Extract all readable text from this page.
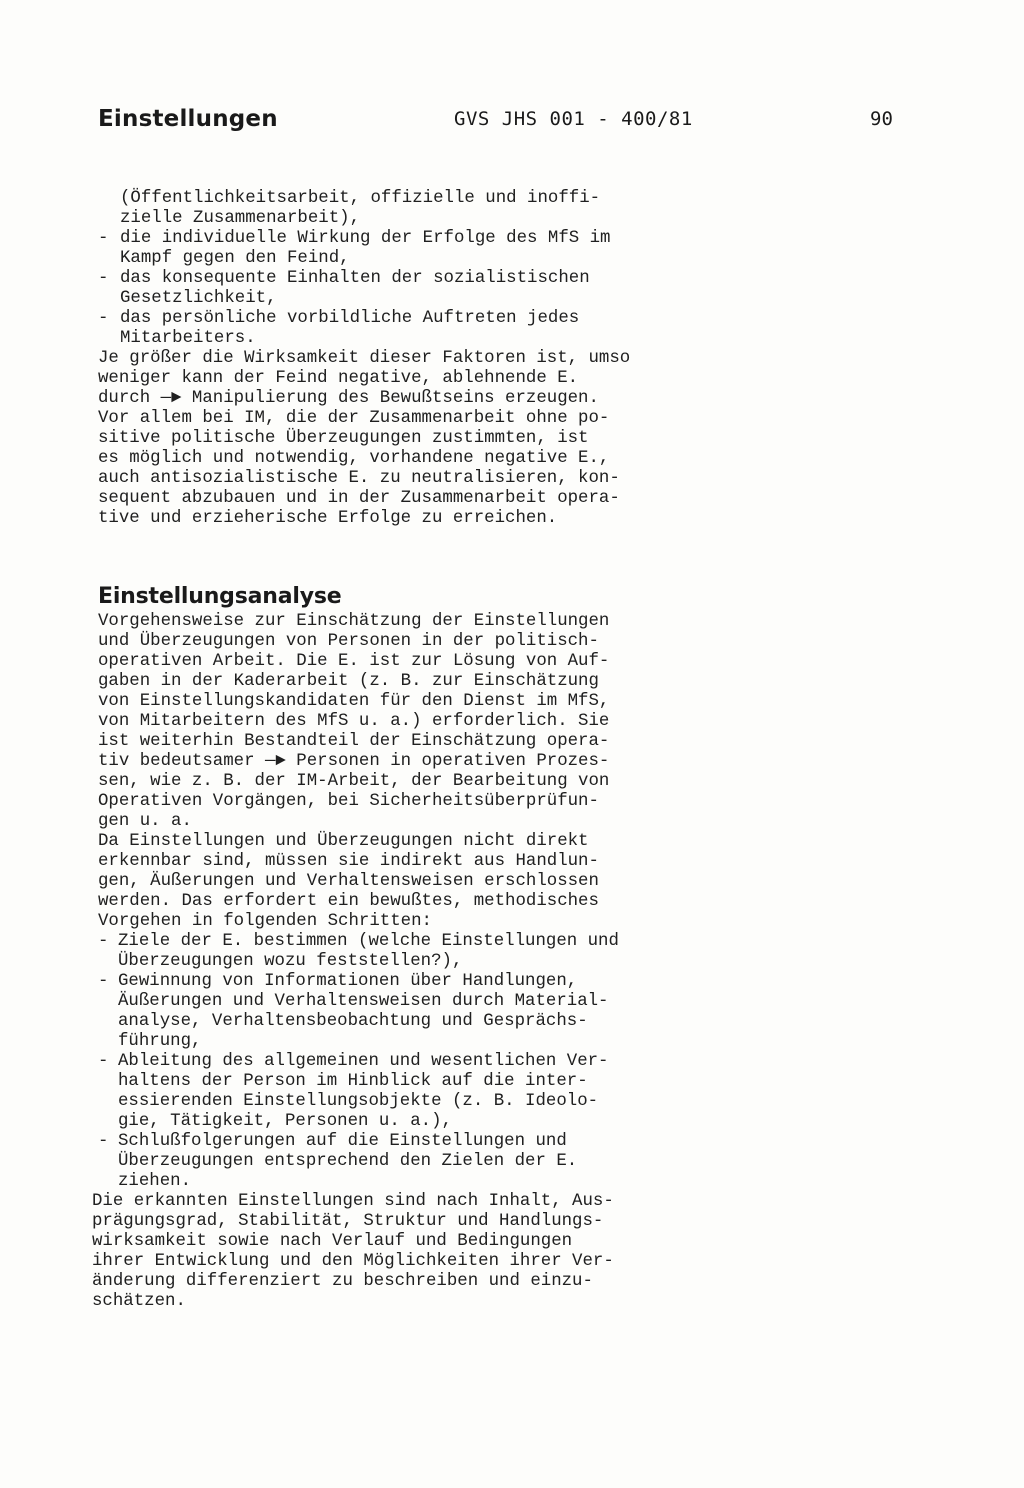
Einstellungen	GVS JHS 001 - 400/81	90
(Öffentlichkeitsarbeit, offizielle und inoffi-
zielle Zusammenarbeit),
- die individuelle Wirkung der Erfolge des MfS im
Kampf gegen den Feind,
- das konsequente Einhalten der sozialistischen
Gesetzlichkeit,
- das persönliche vorbildliche Auftreten jedes
Mitarbeiters.
Je größer die Wirksamkeit dieser Faktoren ist, umso
weniger kann der Feind negative, ablehnende E.
durch —► Manipulierung des Bewußtseins erzeugen.
Vor allem bei IM, die der Zusammenarbeit ohne po-
sitive politische Überzeugungen zustimmten, ist
es möglich und notwendig, vorhandene negative E.,
auch antisozialistische E. zu neutralisieren, kon-
sequent abzubauen und in der Zusammenarbeit opera-
tive und erzieherische Erfolge zu erreichen.
Einstellungsanalyse
Vorgehensweise zur Einschätzung der Einstellungen
und Überzeugungen von Personen in der politisch-
operativen Arbeit. Die E. ist zur Lösung von Auf-
gaben in der Kaderarbeit (z. B. zur Einschätzung
von Einstellungskandidaten für den Dienst im MfS,
von Mitarbeitern des MfS u. a.) erforderlich. Sie
ist weiterhin Bestandteil der Einschätzung opera-
tiv bedeutsamer —► Personen in operativen Prozes-
sen, wie z. B. der IM-Arbeit, der Bearbeitung von
Operativen Vorgängen, bei Sicherheitsüberprüfun-
gen u. a.
Da Einstellungen und Überzeugungen nicht direkt
erkennbar sind, müssen sie indirekt aus Handlun-
gen, Äußerungen und Verhaltensweisen erschlossen
werden. Das erfordert ein bewußtes, methodisches
Vorgehen in folgenden Schritten:
- Ziele der E. bestimmen (welche Einstellungen und
Überzeugungen wozu feststellen?),
- Gewinnung von Informationen über Handlungen,
Äußerungen und Verhaltensweisen durch Material-
analyse, Verhaltensbeobachtung und Gesprächs-
führung,
- Ableitung des allgemeinen und wesentlichen Ver-
haltens der Person im Hinblick auf die inter-
essierenden Einstellungsobjekte (z. B. Ideolo-
gie, Tätigkeit, Personen u. a.),
- Schlußfolgerungen auf die Einstellungen und
Überzeugungen entsprechend den Zielen der E.
ziehen.
Die erkannten Einstellungen sind nach Inhalt, Aus-
prägungsgrad, Stabilität, Struktur und Handlungs-
wirksamkeit sowie nach Verlauf und Bedingungen
ihrer Entwicklung und den Möglichkeiten ihrer Ver-
änderung differenziert zu beschreiben und einzu-
schätzen.
